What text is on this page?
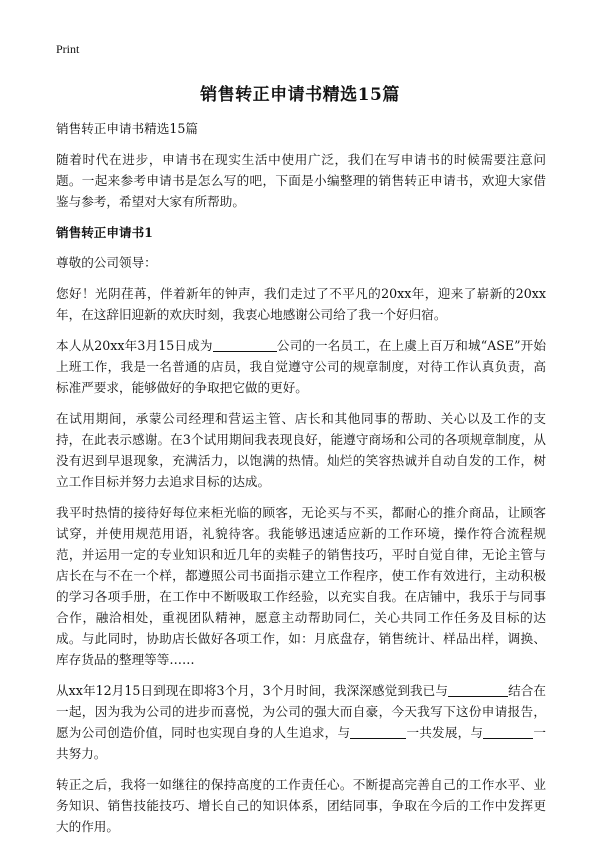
Print
销售转正申请书精选15篇

销售转正申请书精选15篇

随着时代在进步，申请书在现实生活中使用广泛，我们在写申请书的时候需要注意问题。一起来参考申请书是怎么写的吧，下面是小编整理的销售转正申请书，欢迎大家借鉴与参考，希望对大家有所帮助。

销售转正申请书1

尊敬的公司领导：

您好！光阴荏苒，伴着新年的钟声，我们走过了不平凡的20xx年，迎来了崭新的20xx年，在这辞旧迎新的欢庆时刻，我衷心地感谢公司给了我一个好归宿。

本人从20xx年3月15日成为	公司的一名员工，在上虞上百万和城“ASE”开始上班工作，我是一名普通的店员，我自觉遵守公司的规章制度，对待工作认真负责，高标准严要求，能够做好的争取把它做的更好。

在试用期间，承蒙公司经理和营运主管、店长和其他同事的帮助、关心以及工作的支持，在此表示感谢。在3个试用期间我表现良好，能遵守商场和公司的各项规章制度，从没有迟到早退现象，充满活力，以饱满的热情。灿烂的笑容热诚并自动自发的工作，树立工作目标并努力去追求目标的达成。

我平时热情的接待好每位来柜光临的顾客，无论买与不买，都耐心的推介商品，让顾客试穿，并使用规范用语，礼貌待客。我能够迅速适应新的工作环境，操作符合流程规范，并运用一定的专业知识和近几年的卖鞋子的销售技巧，平时自觉自律，无论主管与店长在与不在一个样，都遵照公司书面指示建立工作程序，使工作有效进行，主动积极的学习各项手册，在工作中不断吸取工作经验，以充实自我。在店铺中，我乐于与同事合作，融洽相处，重视团队精神，愿意主动帮助同仁，关心共同工作任务及目标的达成。与此同时，协助店长做好各项工作，如：月底盘存，销售统计、样品出样，调换、库存货品的整理等等……

从xx年12月15日到现在即将3个月，3个月时间，我深深感觉到我已与	结合在一起，因为我为公司的进步而喜悦，为公司的强大而自豪，今天我写下这份申请报告，愿为公司创造价值，同时也实现自身的人生追求，与	一共发展，与	一共努力。

转正之后，我将一如继往的保持高度的工作责任心。不断提高完善自己的工作水平、业务知识、销售技能技巧、增长自己的知识体系，团结同事，争取在今后的工作中发挥更大的作用。
